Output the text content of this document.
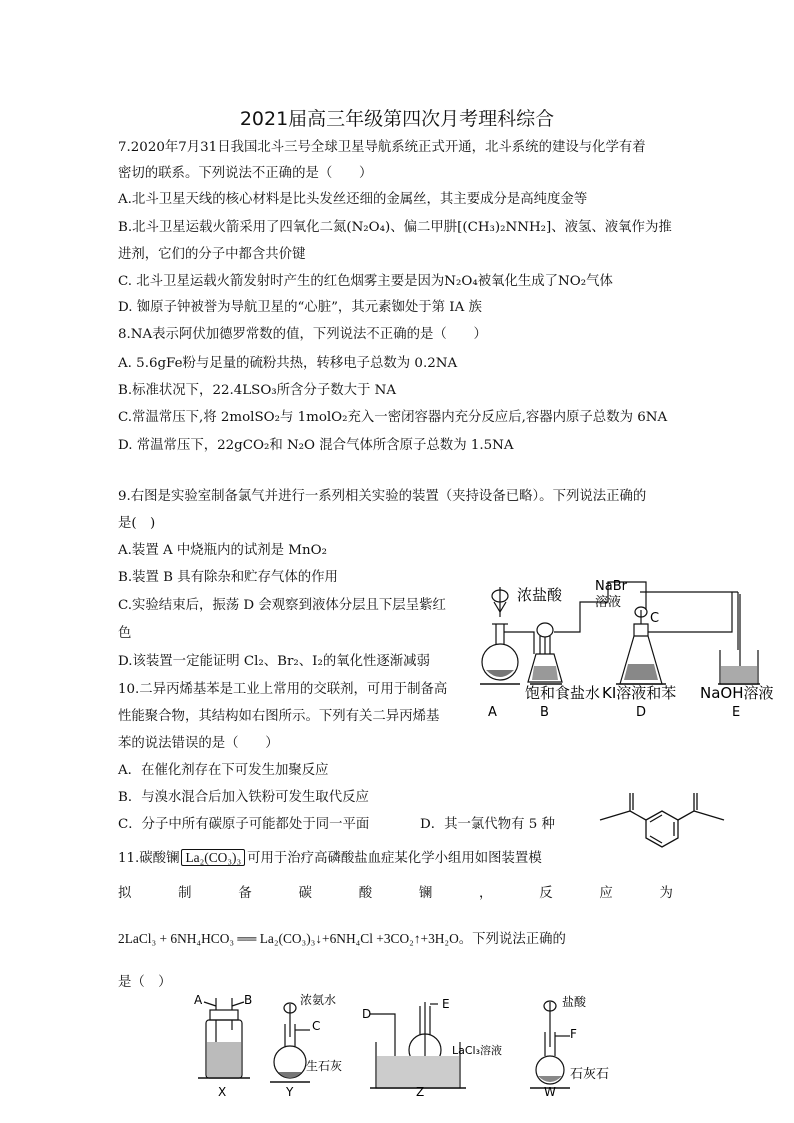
2021届高三年级第四次月考理科综合
7.2020年7月31日我国北斗三号全球卫星导航系统正式开通，北斗系统的建设与化学有着
密切的联系。下列说法不正确的是（　　）
A.北斗卫星天线的核心材料是比头发丝还细的金属丝，其主要成分是高纯度金等
B.北斗卫星运载火箭采用了四氧化二氮(N₂O₄)、偏二甲肼[(CH₃)₂NNH₂]、液氢、液氧作为推
进剂，它们的分子中都含共价键
C. 北斗卫星运载火箭发射时产生的红色烟雾主要是因为N₂O₄被氧化生成了NO₂气体
D. 铷原子钟被誉为导航卫星的“心脏”，其元素铷处于第 IA 族
8.NA表示阿伏加德罗常数的值，下列说法不正确的是（　　）
A. 5.6gFe粉与足量的硫粉共热，转移电子总数为 0.2NA
B.标准状况下，22.4LSO₃所含分子数大于 NA
C.常温常压下,将 2molSO₂与 1molO₂充入一密闭容器内充分反应后,容器内原子总数为 6NA
D. 常温常压下，22gCO₂和 N₂O 混合气体所含原子总数为 1.5NA
9.右图是实验室制备氯气并进行一系列相关实验的装置（夹持设备已略）。下列说法正确的
是(　)
A.装置 A 中烧瓶内的试剂是 MnO₂
B.装置 B 具有除杂和贮存气体的作用
C.实验结束后，振荡 D 会观察到液体分层且下层呈紫红
色
D.该装置一定能证明 Cl₂、Br₂、I₂的氧化性逐渐减弱
浓盐酸	NaBr
溶液
C
饱和食盐水 KI溶液和苯 NaOH溶液
A	B	D	E
10.二异丙烯基苯是工业上常用的交联剂，可用于制备高
性能聚合物，其结构如右图所示。下列有关二异丙烯基
苯的说法错误的是（　　）
A．在催化剂存在下可发生加聚反应
B．与溴水混合后加入铁粉可发生取代反应
C．分子中所有碳原子可能都处于同一平面	D．其一氯代物有 5 种
11.碳酸镧 La₂(CO₃)₃ 可用于治疗高磷酸盐血症某化学小组用如图装置模
拟	制	备	碳	酸	镧	，	反	应	为
2LaCl₃ + 6NH₄HCO₃ ══ La₂(CO₃)₃↓+6NH₄Cl +3CO₂↑+3H₂O。下列说法正确的
是（　）
A	B
X
浓氨水
C
生石灰
Y
D
E
LaCl₃溶液
Z
盐酸
F
石灰石
W
